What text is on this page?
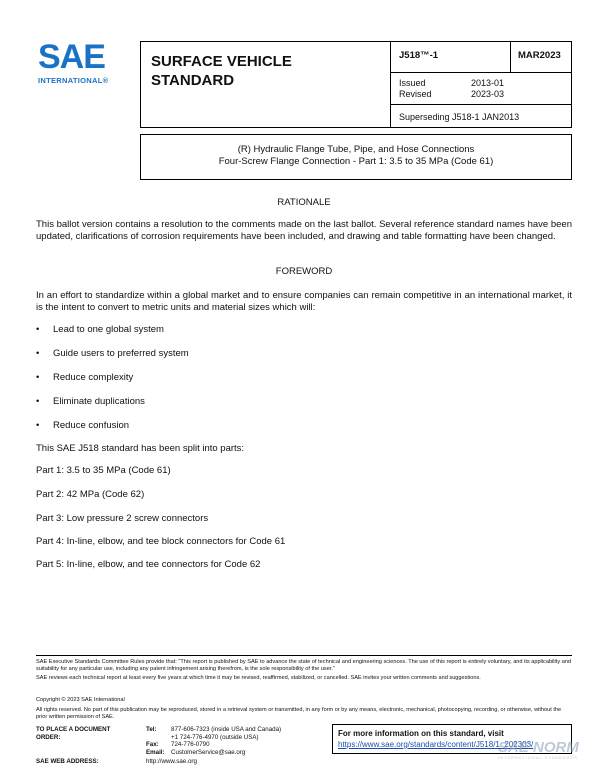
SAE
INTERNATIONAL®
SURFACE VEHICLE
STANDARD
J518™-1	MAR2023
Issued	2013-01
Revised	2023-03
Superseding J518-1 JAN2013
(R) Hydraulic Flange Tube, Pipe, and Hose Connections
Four-Screw Flange Connection - Part 1: 3.5 to 35 MPa (Code 61)
RATIONALE
This ballot version contains a resolution to the comments made on the last ballot. Several reference standard names have been updated, clarifications of corrosion requirements have been included, and drawing and table formatting have been changed.
FOREWORD
In an effort to standardize within a global market and to ensure companies can remain competitive in an international market, it is the intent to convert to metric units and material sizes which will:
• Lead to one global system
• Guide users to preferred system
• Reduce complexity
• Eliminate duplications
• Reduce confusion
This SAE J518 standard has been split into parts:
Part 1: 3.5 to 35 MPa (Code 61)
Part 2: 42 MPa (Code 62)
Part 3: Low pressure 2 screw connectors
Part 4: In-line, elbow, and tee block connectors for Code 61
Part 5: In-line, elbow, and tee connectors for Code 62
SAE Executive Standards Committee Rules provide that: "This report is published by SAE to advance the state of technical and engineering sciences. The use of this report is entirely voluntary, and its applicability and suitability for any particular use, including any patent infringement arising therefrom, is the sole responsibility of the user."
SAE reviews each technical report at least every five years at which time it may be revised, reaffirmed, stabilized, or cancelled. SAE invites your written comments and suggestions.
Copyright © 2023 SAE International
All rights reserved. No part of this publication may be reproduced, stored in a retrieval system or transmitted, in any form or by any means, electronic, mechanical, photocopying, recording, or otherwise, without the prior written permission of SAE.
TO PLACE A DOCUMENT ORDER:
Tel: 877-606-7323 (inside USA and Canada)
+1 724-776-4970 (outside USA)
Fax: 724-776-0790
Email: CustomerService@sae.org
SAE WEB ADDRESS:	http://www.sae.org
For more information on this standard, visit
https://www.sae.org/standards/content/J518/1_202303/
SAE NORM
INTERNATIONAL STANDARDS
